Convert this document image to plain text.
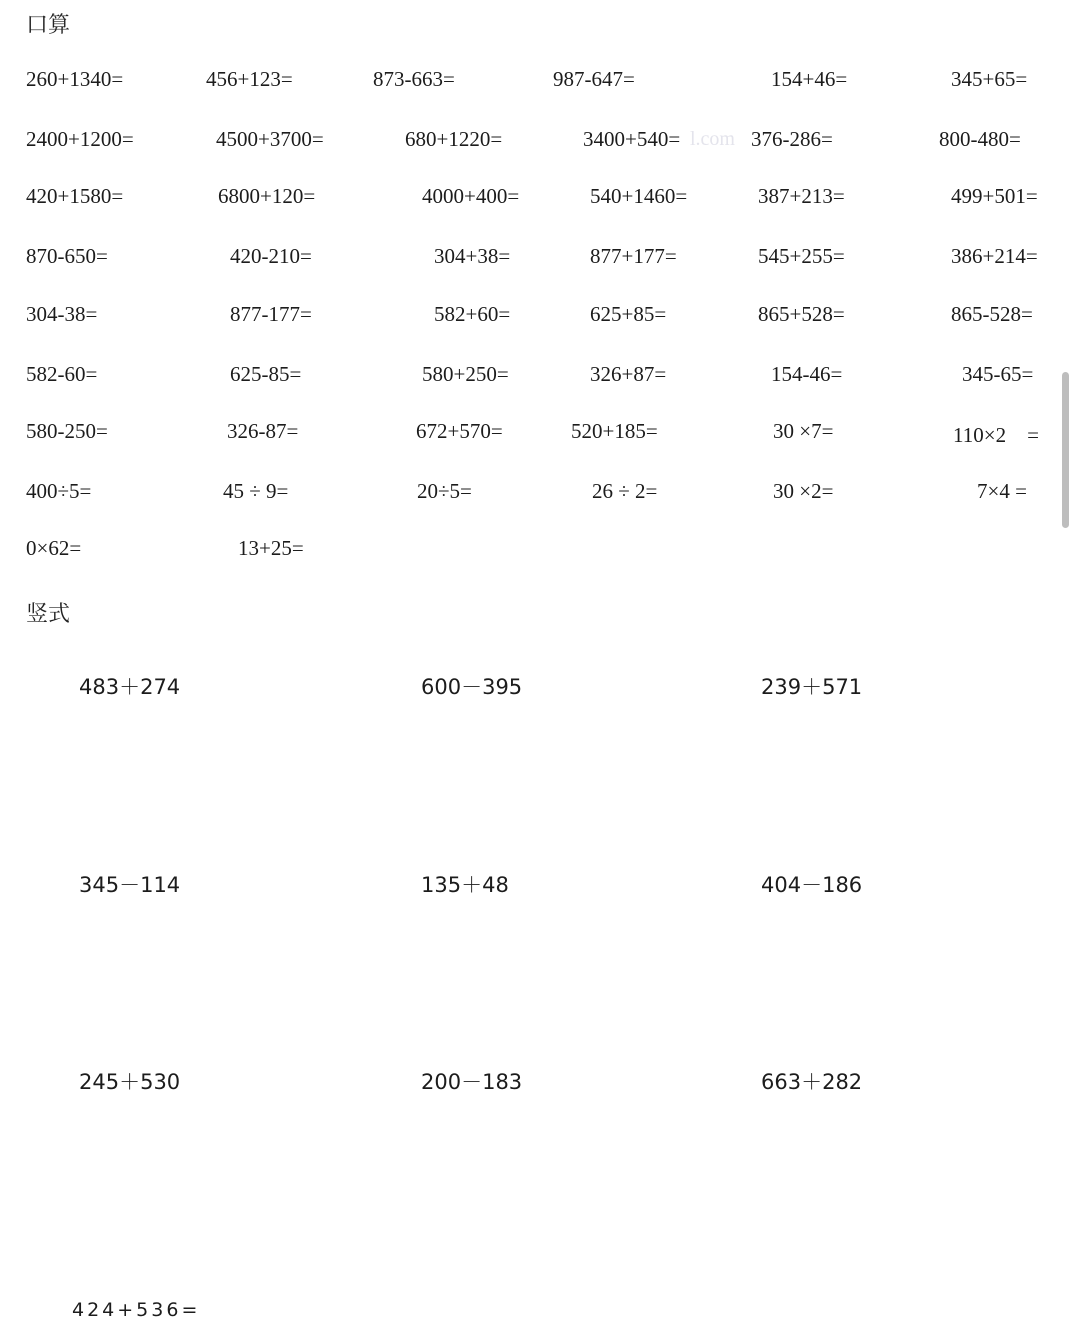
口算
260+1340=	456+123=	873-663=	987-647=	154+46=	345+65=
2400+1200=	4500+3700=	680+1220=	3400+540=	376-286=	800-480=
l.com
420+1580=	6800+120=	4000+400=	540+1460=	387+213=	499+501=
870-650=	420-210=	304+38=	877+177=	545+255=	386+214=
304-38=	877-177=	582+60=	625+85=	865+528=	865-528=
582-60=	625-85=	580+250=	326+87=	154-46=	345-65=
580-250=	326-87=	672+570=	520+185=	30 ×7=	110×2　=
400÷5=	45 ÷ 9=	20÷5=	26 ÷ 2=	30 ×2=	7×4 =
0×62=	13+25=
竖式
483＋274	600－395	239＋571
345－114	135＋48	404－186
245＋530	200－183	663＋282
424+536=
